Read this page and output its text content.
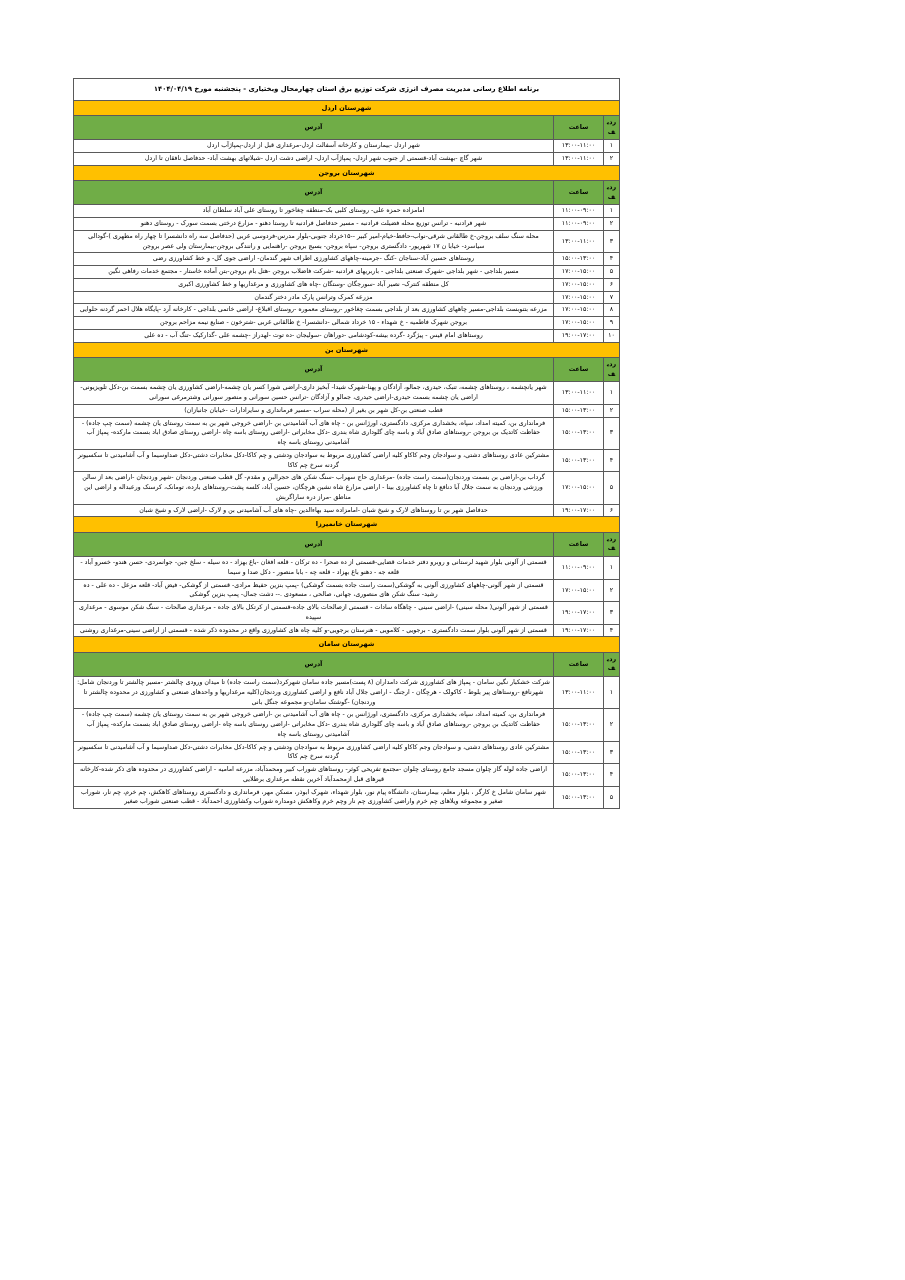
برنامه اطلاع رسانی مدیریت مصرف انرژی شرکت توزیع برق استان چهارمحال وبختیاری - پنجشنبه مورخ ۱۴۰۴/۰۴/۱۹		
شهرستان اردل		
ردیف	ساعت	آدرس
۱	۱۳:۰۰-۱۱:۰۰	شهر اردل -بیمارستان و کارخانه آسفالت اردل-مرغداری قبل از اردل-پمپاژآب اردل
۲	۱۳:۰۰-۱۱:۰۰	شهر گاچ -بهشت آباد-قسمتی از جنوب شهر اردل- پمپاژآب اردل- اراضی دشت اردل -شیلاتهای بهشت آباد- حدفاصل نافقان تا اردل
شهرستان بروجن		
ردیف	ساعت	آدرس
۱	۱۱:۰۰-۰۹:۰۰	امامزاده حمزه علی- روستای کلبی بک-منطقه چغاخور تا روستای علی آباد سلطان آباد
۲	۱۱:۰۰-۰۹:۰۰	شهر فرادنبه - ترانس توزیع محله فضیلت فرادنبه - مسیر حدفاصل فرادنبه تا روستا دهنو - مزارع درختی بسمت سورک - روستای دهنو
۳	۱۳:۰۰-۱۱:۰۰	محله سنگ سلف بروجن-خ طالقانی شرقی-نواب-حافظ-خیام-امیر کبیر --۱۵خرداد جنوبی-بلوار مدرس-فردوسی غربی (حدفاصل سه راه دانشسرا تا چهار راه مطهری )-گودالی سیاسرد- خیابا ن ۱۷ شهریور- دادگستری بروجن- سپاه بروجن- بسیج بروجن -راهنمایی و رانندگی بروجن-بیمارستان ولی عصر بروجن
۴	۱۵:۰۰-۱۳:۰۰	روستاهای حسین آباد-سناجان -کنگ -جرمینه-چاههای کشاورزی اطراف شهر گندمان- اراضی جوی گل- و خط کشاورزی رضی
۵	۱۷:۰۰-۱۵:۰۰	مسیر بلداجی - شهر بلداجی -شهرک صنعتی بلداجی - باربریهای فرادنبه -شرکت فاضلاب بروجن -هتل بام بروجن-بتن آماده خاستار - مجتمع خدمات رفاهی نگین
۶	۱۷:۰۰-۱۵:۰۰	کل منطقه کنترک- نصیر آباد -سورجگان -وستگان -چاه های کشاورزی و مرغداریها و خط کشاورزی اکبری
۷	۱۷:۰۰-۱۵:۰۰	مزرعه کمرک وترانس پارک مادر دختر گندمان
۸	۱۷:۰۰-۱۵:۰۰	مزرعه بتنوبست بلداجی-مسیر چاههای کشاورزی بعد از بلداجی بسمت چغاخور -روستای معموره -روستای اقبلاغ- اراضی خاتمی بلداجی - کارخانه آرد -پایگاه هلال احمر گردنه حلوایی
۹	۱۷:۰۰-۱۵:۰۰	بروجن شهرک فاطمیه - خ شهداء - ۱۵ خرداد شمالی -دانشسرا- خ طالقانی غربی -شترخون - صنایع نیمه مزاحم بروجن
۱۰	۱۹:۰۰-۱۷:۰۰	روستاهای امام قیس - پیژگرد -گرده بیشه-کودشامی -دوراهان -سولیجان -ده توت -لهدراز -چشمه علی -گدارکیک -تنگ آب - ده علی
شهرستان بن		
ردیف	ساعت	آدرس
۱	۱۳:۰۰-۱۱:۰۰	شهر یانچشمه ، روستاهای چشمه، تنبک، حیدری، جمالو، آزادگان و پهنا-شهرک شیدا- آبخیز داری-اراضی شورا کسر یان چشمه-اراضی کشاورزی یان چشمه بسمت بن-دکل تلویزیونی-اراضی یان چشمه بسمت حیدری-اراضی حیدری، جمالو و آزادگان -ترانس حسین سورانی و منصور سورانی وشترمرغی سورانی
۲	۱۵:۰۰-۱۳:۰۰	قطب صنعتی بن-کل شهر بن بغیر از (محله سراب -مسیر فرمانداری و سایرادارات -خیابان جانبازان)
۳	۱۵:۰۰-۱۳:۰۰	فرمانداری بن، کمیته امداد، سپاه، بخشداری مرکزی، دادگستری، اورژانس بن - چاه های آب آشامیدنی بن -اراضی خروجی شهر بن به سمت روستای یان چشمه (سمت چپ جاده) - حفاظت کاتدیک بن بروجن -روستاهای صادق آباد و باسه چای گلوداری شاه بندری -دکل مخابراتی -اراضی روستای باسه چاه -اراضی روستای صادق اباد بسمت مارکده- پمپاژ آب آشامیدنی روستای باسه چاه
۴	۱۵:۰۰-۱۳:۰۰	مشترکین عادی روستاهای دشتی، و سوادجان وجم کاکاو کلیه اراضی کشاورزی مربوط به سوادجان ودشتی و چم کاکا-دکل مخابرات دشتی-دکل صداوسیما و آب آشامیدنی تا سکسیونر گردنه سرخ چم کاکا
۵	۱۷:۰۰-۱۵:۰۰	گرداب بن-اراضی بن بسمت وردنجان(سمت راست جاده) -مرغداری حاج سهراب -سنگ شکن های حجرالبن و مقدم- گل قطب صنعتی وردنجان -شهر وردنجان -اراضی بعد از سالن ورزشی وردنجان به سمت جلال آبا دنافع تا چاه کشاورزی بینا - اراضی مزارع شاه نشین هرچگان، حسین آباد، کلسه پشت-روستاهای بارده، تومانک، کرسنک ورعبداله و اراضی این مناطق -مراز دره ساراگربش
۶	۱۹:۰۰-۱۷:۰۰	حدفاصل شهر بن تا روستاهای لارک و شیخ شبان -امامزاده سید بهاءالدین -چاه های آب آشامیدنی بن و لارک -اراضی لارک و شیخ شبان
شهرستان خانمیرزا		
ردیف	ساعت	آدرس
۱	۱۱:۰۰-۰۹:۰۰	قسمتی از آلونی بلوار شهید لرستانی و روبرو دفتر خدمات قضایی-قسمتی از ده صحرا - ده ترکان - قلعه افغان -باغ بهزاد - ده سیله - سلخ جبن- جوانمردی- حسن هندو- خسرو آباد - قلعه جه - دهنو باغ بهزاد - قلعه چه - بابا منصور - دکل صدا و سیما
۲	۱۷:۰۰-۱۵:۰۰	قسمتی از شهر آلونی-چاههای کشاورزی آلونی به گوشکی(سمت راست جاده بسمت گوشکی) -پمپ بنزین حفیظ مرادی- قسمتی از گوشکی- فیض آباد- قلعه مزعل - ده علی - ده رشید- سنگ شکن های منصوری، جهانی، صالحی ، مسعودی .-- دشت جمال- پمپ بنزین گوشکی
۳	۱۹:۰۰-۱۷:۰۰	قسمتی از شهر آلونی( محله سینی) -اراضی سینی - چاهگاه سادات - قسمتی ازصالحات بالای جاده-قسمتی از کرتکل بالای جاده - مرغداری صالحات - سنگ شکن موسوی - مرغداری سپیده
۴	۱۹:۰۰-۱۷:۰۰	قسمتی از شهر آلونی بلوار سمت دادگستری - برجویی - کلامویی - هنرستان برجویی-و کلیه چاه های کشاورزی واقع در محدوده ذکر شده - قسمتی از اراضی سینی-مرغداری روشنی
شهرستان سامان		
ردیف	ساعت	آدرس
۱	۱۳:۰۰-۱۱:۰۰	شرکت خشکبار نگین سامان - پمپاژ های کشاورزی شرکت دامداران (۸ پست)مسیر جاده سامان شهرکرد(سمت راست جاده) تا میدان ورودی چالشتر -مسیر چالشتر تا وردنجان شامل: شهرنافع -روستاهای پیر بلوط - کاکولک - هرچگان - ارجنگ - اراضی جلال آباد نافع و اراضی کشاورزی وردنجان(کلیه مرغداریها و واحدهای صنعتی و کشاورزی در محدوده چالشتر تا وردنجان) -گوشتک سامان-و مجموعه جنگل بانی
۲	۱۵:۰۰-۱۳:۰۰	فرمانداری بن، کمیته امداد، سپاه، بخشداری مرکزی، دادگستری، اورژانس بن - چاه های آب آشامیدنی بن -اراضی خروجی شهر بن به سمت روستای یان چشمه (سمت چپ جاده) - حفاظت کاتدیک بن بروجن -روستاهای صادق آباد و باسه چای گلوداری شاه بندری -دکل مخابراتی -اراضی روستای باسه چاه -اراضی روستای صادق اباد بسمت مارکده- پمپاژ آب آشامیدنی روستای باسه چاه
۳	۱۵:۰۰-۱۳:۰۰	مشترکین عادی روستاهای دشتی، و سوادجان وجم کاکاو کلیه اراضی کشاورزی مربوط به سوادجان ودشتی و چم کاکا-دکل مخابرات دشتی-دکل صداوسیما و آب آشامیدنی تا سکسیونر گردنه سرخ چم کاکا
۴	۱۵:۰۰-۱۳:۰۰	اراضی جاده لوله گاز چلوان مسجد جامع روستای چلوان -مجتمع تفریحی کوثر- روستاهای شوراب کبیر ومحمدآباد، مزرعه امامیه - اراضی کشاورزی در محدوده های ذکر شده-کارخانه قیرهای قبل ازمحمدآباد آخرین نقطه مرغداری برطلایی
۵	۱۵:۰۰-۱۳:۰۰	شهر سامان شامل خ کارگر ، بلوار معلم، بیمارستان، دانشگاه پیام نور، بلوار شهداء، شهرک ابوذر، مسکن مهر، فرمانداری و دادگستری روستاهای کاهکش، چم خرم، چم نار، شوراب صغیر و مجموعه ویلاهای چم خرم واراضی کشاورزی چم نار وچم خرم وکاهکش دومداره شوراب وکشاورزی احمدآباد - قطب صنعتی شوراب صغیر
